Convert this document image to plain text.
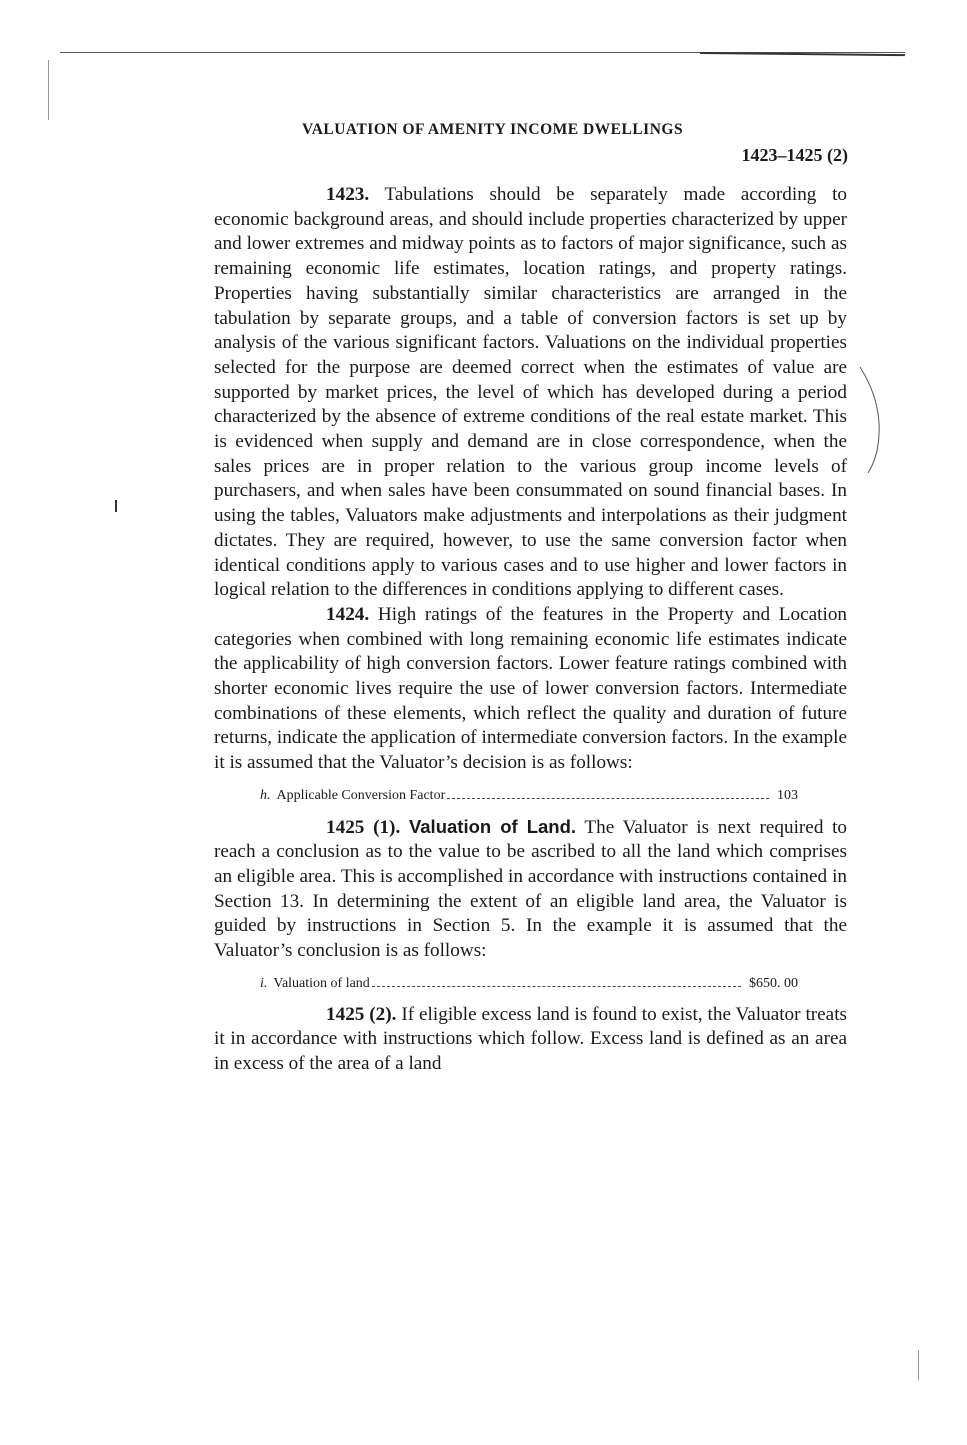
VALUATION OF AMENITY INCOME DWELLINGS
1423–1425 (2)

1423. Tabulations should be separately made according to economic background areas, and should include properties characterized by upper and lower extremes and midway points as to factors of major significance, such as remaining economic life estimates, location ratings, and property ratings. Properties having substantially similar characteristics are arranged in the tabulation by separate groups, and a table of conversion factors is set up by analysis of the various significant factors. Valuations on the individual properties selected for the purpose are deemed correct when the estimates of value are supported by market prices, the level of which has developed during a period characterized by the absence of extreme conditions of the real estate market. This is evidenced when supply and demand are in close correspondence, when the sales prices are in proper relation to the various group income levels of purchasers, and when sales have been consummated on sound financial bases. In using the tables, Valuators make adjustments and interpolations as their judgment dictates. They are required, however, to use the same conversion factor when identical conditions apply to various cases and to use higher and lower factors in logical relation to the differences in conditions applying to different cases.

1424. High ratings of the features in the Property and Location categories when combined with long remaining economic life estimates indicate the applicability of high conversion factors. Lower feature ratings combined with shorter economic lives require the use of lower conversion factors. Intermediate combinations of these elements, which reflect the quality and duration of future returns, indicate the application of intermediate conversion factors. In the example it is assumed that the Valuator’s decision is as follows:

h. Applicable Conversion Factor	103

1425 (1). Valuation of Land. The Valuator is next required to reach a conclusion as to the value to be ascribed to all the land which comprises an eligible area. This is accomplished in accordance with instructions contained in Section 13. In determining the extent of an eligible land area, the Valuator is guided by instructions in Section 5. In the example it is assumed that the Valuator’s conclusion is as follows:

i. Valuation of land	$650. 00

1425 (2). If eligible excess land is found to exist, the Valuator treats it in accordance with instructions which follow. Excess land is defined as an area in excess of the area of a land
